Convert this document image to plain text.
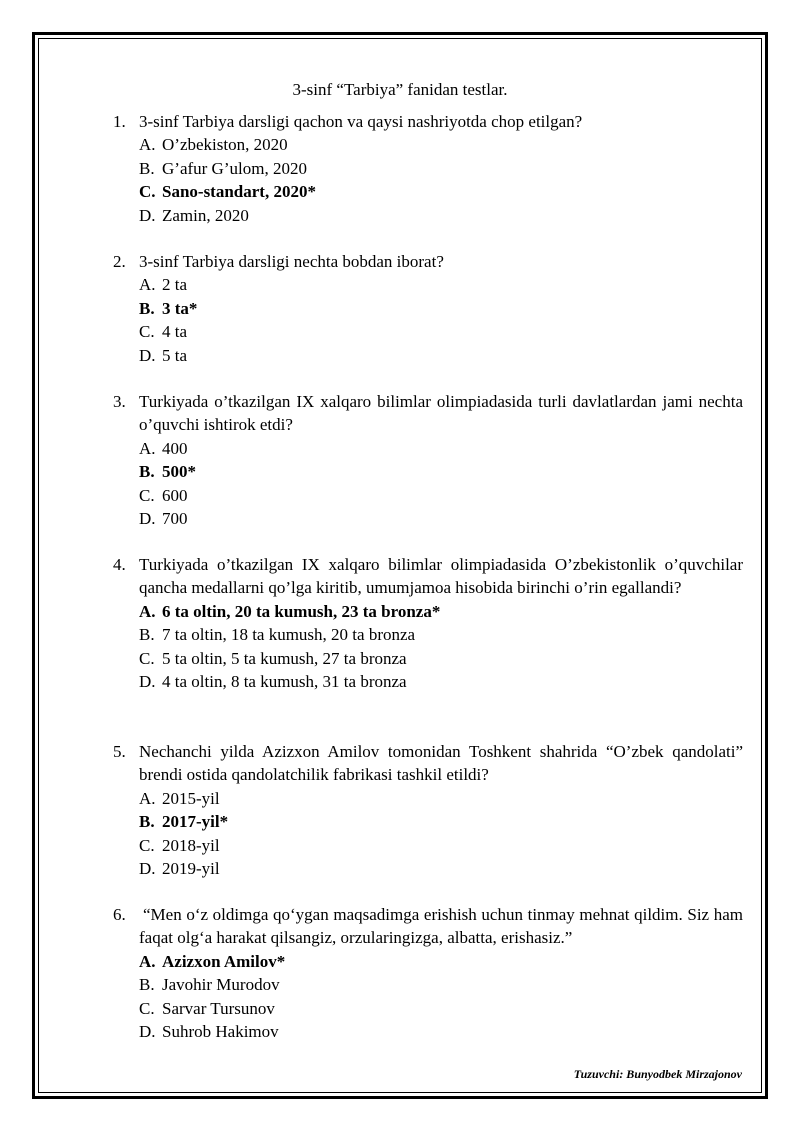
3-sinf “Tarbiya” fanidan testlar.
1. 3-sinf Tarbiya darsligi qachon va qaysi nashriyotda chop etilgan?
A. O’zbekiston, 2020
B. G’afur G’ulom, 2020
C. Sano-standart, 2020*
D. Zamin, 2020
2. 3-sinf Tarbiya darsligi nechta bobdan iborat?
A. 2 ta
B. 3 ta*
C. 4 ta
D. 5 ta
3. Turkiyada o’tkazilgan IX xalqaro bilimlar olimpiadasida turli davlatlardan jami nechta o’quvchi ishtirok etdi?
A. 400
B. 500*
C. 600
D. 700
4. Turkiyada o’tkazilgan IX xalqaro bilimlar olimpiadasida O’zbekistonlik o’quvchilar qancha medallarni qo’lga kiritib, umumjamoa hisobida birinchi o’rin egallandi?
A. 6 ta oltin, 20 ta kumush, 23 ta bronza*
B. 7 ta oltin, 18 ta kumush, 20 ta bronza
C. 5 ta oltin, 5 ta kumush, 27 ta bronza
D. 4 ta oltin, 8 ta kumush, 31 ta bronza
5. Nechanchi yilda Azizxon Amilov tomonidan Toshkent shahrida “O’zbek qandolati” brendi ostida qandolatchilik fabrikasi tashkil etildi?
A. 2015-yil
B. 2017-yil*
C. 2018-yil
D. 2019-yil
6.	“Men o‘z oldimga qo‘ygan maqsadimga erishish uchun tinmay mehnat qildim. Siz ham faqat olg‘a harakat qilsangiz, orzularingizga, albatta, erishasiz.”
A. Azizxon Amilov*
B. Javohir Murodov
C. Sarvar Tursunov
D. Suhrob Hakimov
Tuzuvchi: Bunyodbek Mirzajonov
